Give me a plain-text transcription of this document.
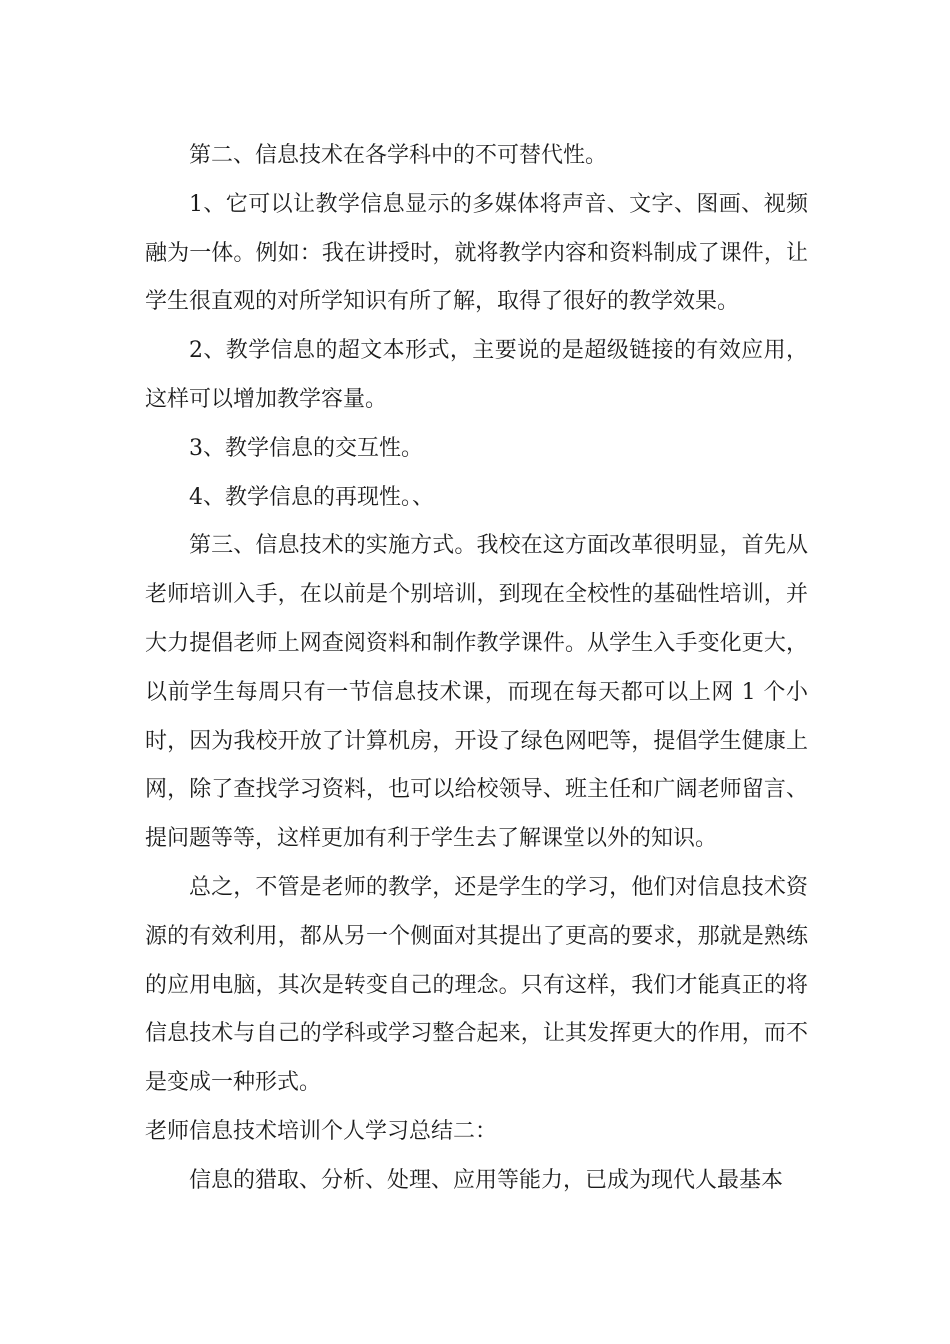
第二、信息技术在各学科中的不可替代性。

1、它可以让教学信息显示的多媒体将声音、文字、图画、视频融为一体。例如：我在讲授时，就将教学内容和资料制成了课件，让学生很直观的对所学知识有所了解，取得了很好的教学效果。

2、教学信息的超文本形式，主要说的是超级链接的有效应用，这样可以增加教学容量。

3、教学信息的交互性。

4、教学信息的再现性。、

第三、信息技术的实施方式。我校在这方面改革很明显，首先从老师培训入手，在以前是个别培训，到现在全校性的基础性培训，并大力提倡老师上网查阅资料和制作教学课件。从学生入手变化更大，以前学生每周只有一节信息技术课，而现在每天都可以上网 1 个小时，因为我校开放了计算机房，开设了绿色网吧等，提倡学生健康上网，除了查找学习资料，也可以给校领导、班主任和广阔老师留言、提问题等等，这样更加有利于学生去了解课堂以外的知识。

总之，不管是老师的教学，还是学生的学习，他们对信息技术资源的有效利用，都从另一个侧面对其提出了更高的要求，那就是熟练的应用电脑，其次是转变自己的理念。只有这样，我们才能真正的将信息技术与自己的学科或学习整合起来，让其发挥更大的作用，而不是变成一种形式。

老师信息技术培训个人学习总结二：

信息的猎取、分析、处理、应用等能力，已成为现代人最基本
